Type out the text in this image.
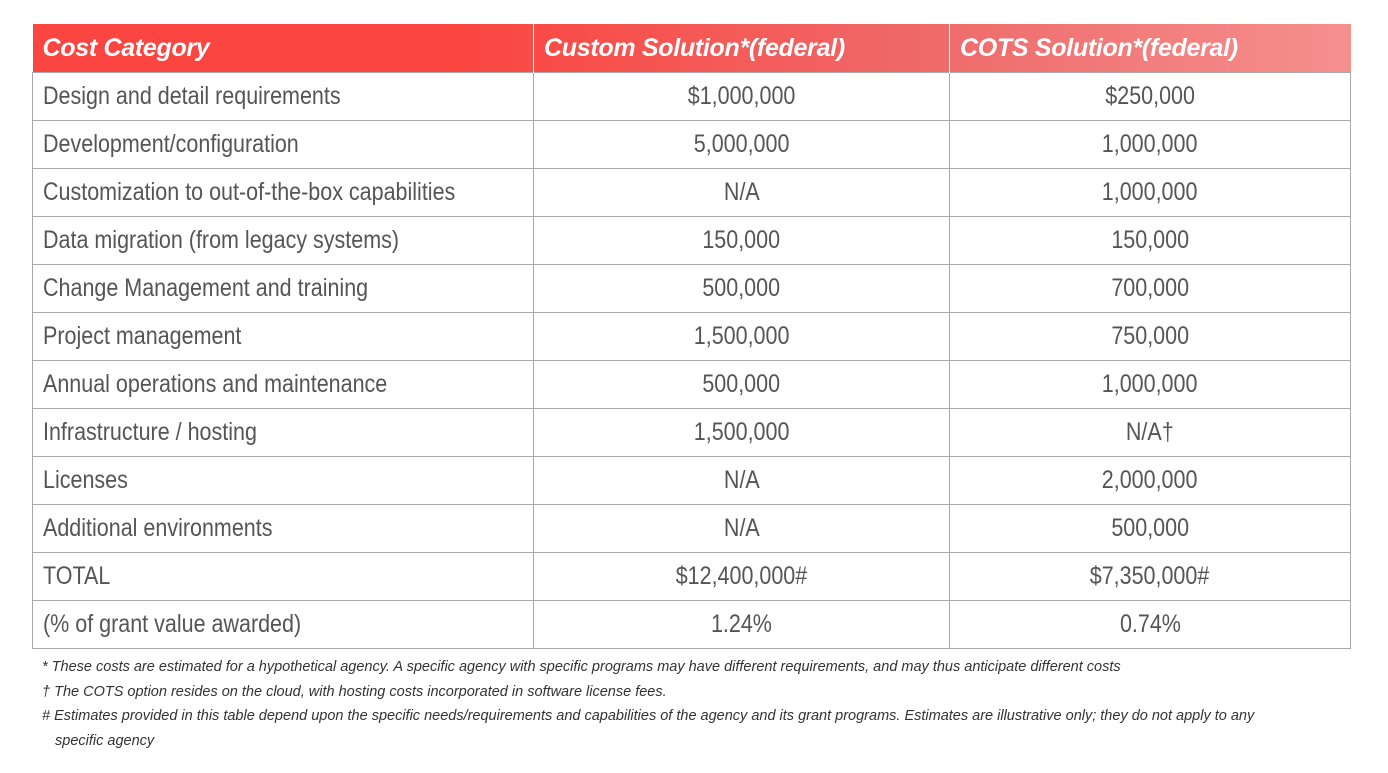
Cost Category	Custom Solution*(federal)	COTS Solution*(federal)
Design and detail requirements	$1,000,000	$250,000
Development/configuration	5,000,000	1,000,000
Customization to out-of-the-box capabilities	N/A	1,000,000
Data migration (from legacy systems)	150,000	150,000
Change Management and training	500,000	700,000
Project management	1,500,000	750,000
Annual operations and maintenance	500,000	1,000,000
Infrastructure / hosting	1,500,000	N/A†
Licenses	N/A	2,000,000
Additional environments	N/A	500,000
TOTAL	$12,400,000#	$7,350,000#
(% of grant value awarded)	1.24%	0.74%
* These costs are estimated for a hypothetical agency. A specific agency with specific programs may have different requirements, and may thus anticipate different costs
† The COTS option resides on the cloud, with hosting costs incorporated in software license fees.
# Estimates provided in this table depend upon the specific needs/requirements and capabilities of the agency and its grant programs. Estimates are illustrative only; they do not apply to any
specific agency
